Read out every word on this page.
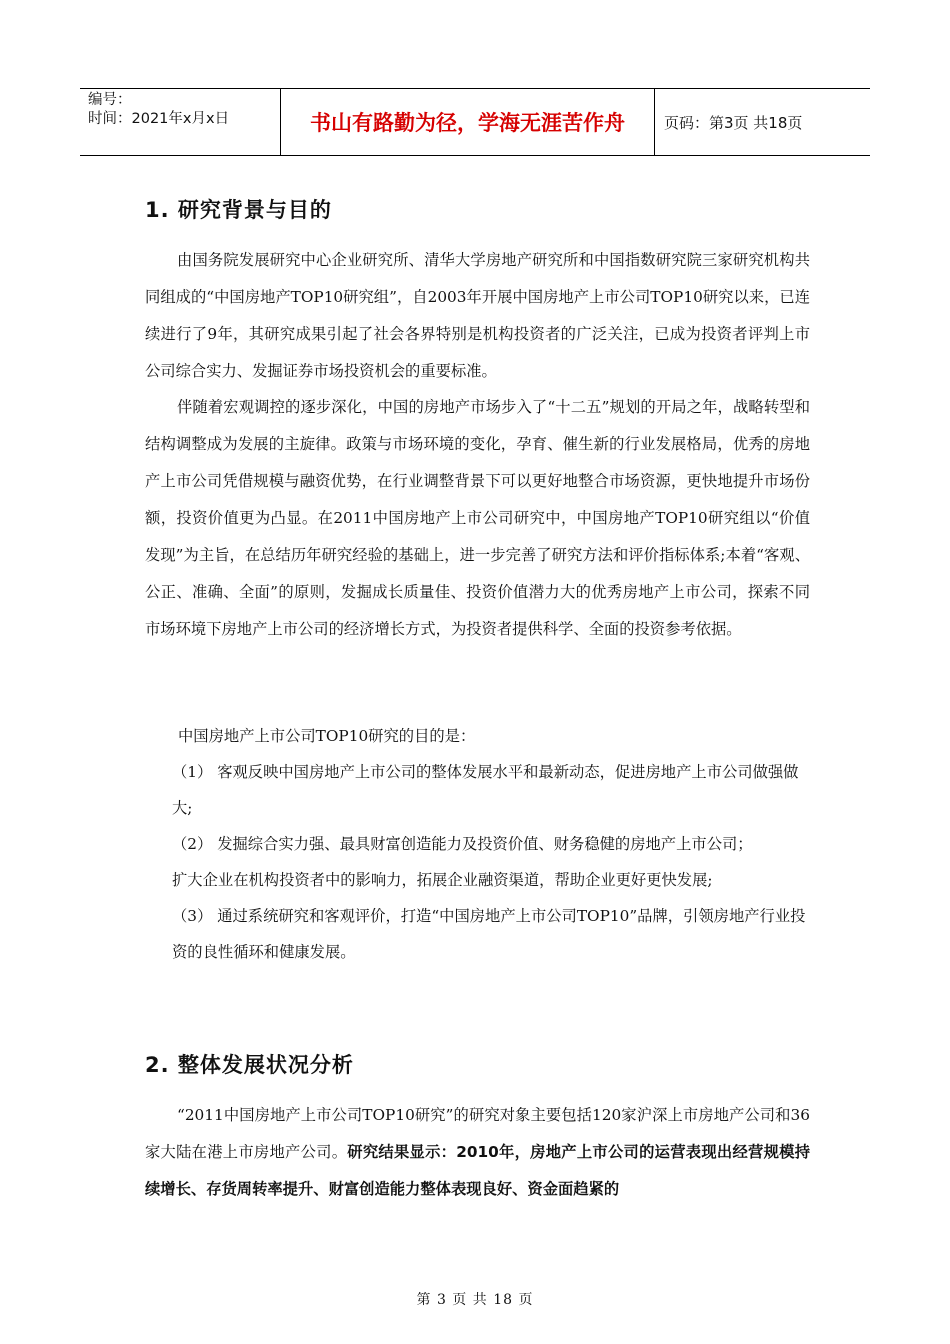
编号：
时间：2021年x月x日	书山有路勤为径，学海无涯苦作舟	页码：第3页 共18页
1. 研究背景与目的

由国务院发展研究中心企业研究所、清华大学房地产研究所和中国指数研究院三家研究机构共同组成的“中国房地产TOP10研究组”，自2003年开展中国房地产上市公司TOP10研究以来，已连续进行了9年，其研究成果引起了社会各界特别是机构投资者的广泛关注，已成为投资者评判上市公司综合实力、发掘证券市场投资机会的重要标准。

伴随着宏观调控的逐步深化，中国的房地产市场步入了“十二五”规划的开局之年，战略转型和结构调整成为发展的主旋律。政策与市场环境的变化，孕育、催生新的行业发展格局，优秀的房地产上市公司凭借规模与融资优势，在行业调整背景下可以更好地整合市场资源，更快地提升市场份额，投资价值更为凸显。在2011中国房地产上市公司研究中，中国房地产TOP10研究组以“价值发现”为主旨，在总结历年研究经验的基础上，进一步完善了研究方法和评价指标体系;本着“客观、公正、准确、全面”的原则，发掘成长质量佳、投资价值潜力大的优秀房地产上市公司，探索不同市场环境下房地产上市公司的经济增长方式，为投资者提供科学、全面的投资参考依据。

中国房地产上市公司TOP10研究的目的是：

（1） 客观反映中国房地产上市公司的整体发展水平和最新动态，促进房地产上市公司做强做大;

（2） 发掘综合实力强、最具财富创造能力及投资价值、财务稳健的房地产上市公司；

扩大企业在机构投资者中的影响力，拓展企业融资渠道，帮助企业更好更快发展;

（3） 通过系统研究和客观评价，打造“中国房地产上市公司TOP10”品牌，引领房地产行业投资的良性循环和健康发展。

2. 整体发展状况分析

“2011中国房地产上市公司TOP10研究”的研究对象主要包括120家沪深上市房地产公司和36家大陆在港上市房地产公司。研究结果显示：2010年，房地产上市公司的运营表现出经营规模持续增长、存货周转率提升、财富创造能力整体表现良好、资金面趋紧的

第 3 页 共 18 页
